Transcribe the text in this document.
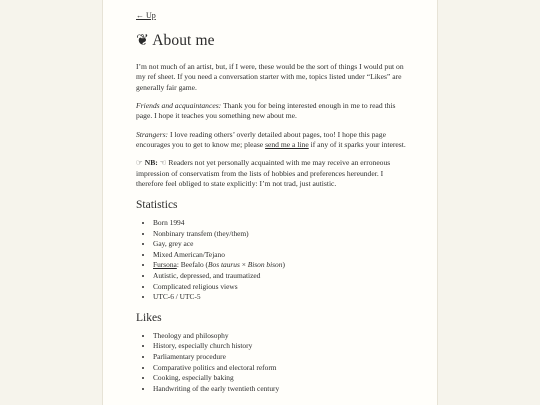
← Up
❦ About me

I’m not much of an artist, but, if I were, these would be the sort of things I would put on my ref sheet. If you need a conversation starter with me, topics listed under “Likes” are generally fair game.

Friends and acquaintances: Thank you for being interested enough in me to read this page. I hope it teaches you something new about me.

Strangers: I love reading others’ overly detailed about pages, too! I hope this page encourages you to get to know me; please send me a line if any of it sparks your interest.

☞ NB: ☜ Readers not yet personally acquainted with me may receive an erroneous impression of conservatism from the lists of hobbies and preferences hereunder. I therefore feel obliged to state explicitly: I’m not trad, just autistic.

Statistics
• Born 1994
• Nonbinary transfem (they/them)
• Gay, grey ace
• Mixed American/Tejano
• Fursona: Beefalo (Bos taurus × Bison bison)
• Autistic, depressed, and traumatized
• Complicated religious views
• UTC-6 / UTC-5
Likes
• Theology and philosophy
• History, especially church history
• Parliamentary procedure
• Comparative politics and electoral reform
• Cooking, especially baking
• Handwriting of the early twentieth century
